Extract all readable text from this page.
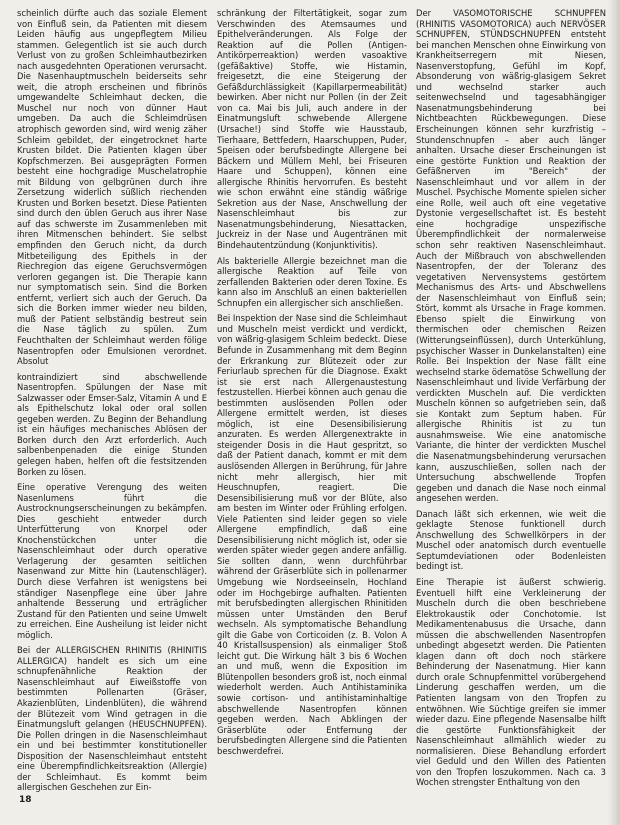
scheinlich dürfte auch das soziale Element von Einfluß sein, da Patienten mit diesem Leiden häufig aus ungepflegtem Milieu stammen. Gelegentlich ist sie auch durch Verlust von zu großen Schleimhautbezirken nach ausgedehnten Operationen verursacht. Die Nasenhauptmuscheln beiderseits sehr weit, die atroph erscheinen und fibrinös umgewandelte Schleimhaut decken, die Muschel nur noch von dünner Haut umgeben. Da auch die Schleimdrüsen atrophisch geworden sind, wird wenig zäher Schleim gebildet, der eingetrocknet harte Krusten bildet. Die Patienten klagen über Kopfschmerzen. Bei ausgeprägten Formen besteht eine hochgradige Muschelatrophie mit Bildung von gelbgrünen durch ihre Zersetzung widerlich süßlich riechenden Krusten und Borken besetzt. Diese Patienten sind durch den üblen Geruch aus ihrer Nase auf das schwerste im Zusammenleben mit ihren Mitmenschen behindert. Sie selbst empfinden den Geruch nicht, da durch Mitbeteiligung des Epithels in der Riechregion das eigene Geruchsvermögen verloren gegangen ist. Die Therapie kann nur symptomatisch sein. Sind die Borken entfernt, verliert sich auch der Geruch. Da sich die Borken immer wieder neu bilden, muß der Patient selbständig bestreut sein die Nase täglich zu spülen. Zum Feuchthalten der Schleimhaut werden fölige Nasentropfen oder Emulsionen verordnet. Absolut

kontraindiziert sind abschwellende Nasentropfen. Spülungen der Nase mit Salzwasser oder Emser-Salz, Vitamin A und E als Epithelschutz lokal oder oral sollen gegeben werden. Zu Beginn der Behandlung ist ein häufiges mechanisches Ablösen der Borken durch den Arzt erforderlich. Auch salbenbenpenaden die einige Stunden gelegen haben, helfen oft die festsitzenden Borken zu lösen.

Eine operative Verengung des weiten Nasenlumens führt die Austrocknungserscheinungen zu bekämpfen. Dies geschieht entweder durch Unterfütterung von Knorpel oder Knochenstückchen unter die Nasenschleimhaut oder durch operative Verlagerung der gesamten seitlichen Nasenwand zur Mitte hin (Lautenschläger). Durch diese Verfahren ist wenigstens bei ständiger Nasenpflege eine über Jahre anhaltende Besserung und erträglicher Zustand für den Patienten und seine Umwelt zu erreichen. Eine Ausheilung ist leider nicht möglich.

Bei der ALLERGISCHEN RHINITIS (RHINITIS ALLERGICA) handelt es sich um eine schnupfenähnliche Reaktion der Nasenschleimhaut auf Eiweißstoffe von bestimmten Pollenarten (Gräser, Akazienblüten, Lindenblüten), die während der Blütezeit vom Wind getragen in die Einatmungsluft gelangen (HEUSCHNUPFEN). Die Pollen dringen in die Nasenschleimhaut ein und bei bestimmter konstitutioneller Disposition der Nasenschleimhaut entsteht eine Überempfindlichkeitsreaktion (Allergie) der Schleimhaut. Es kommt beim allergischen Geschehen zur Ein-

schränkung der Filtertätigkeit, sogar zum Verschwinden des Atemsaumes und Epithelveränderungen. Als Folge der Reaktion auf die Pollen (Antigen-Antikörperreaktion) werden vasoaktive (gefäßaktive) Stoffe, wie Histamin, freigesetzt, die eine Steigerung der Gefäßdurchlässigkeit (Kapillarpermeabilität) bewirken. Aber nicht nur Pollen (in der Zeit von ca. Mai bis Juli, auch andere in der Einatmungsluft schwebende Allergene (Ursache!) sind Stoffe wie Hausstaub, Tierhaare, Bettfedern, Haarschuppen, Puder, Speisen oder berufsbedingte Allergene bei Bäckern und Müllern Mehl, bei Friseuren Haare und Schuppen), können eine allergische Rhinitis hervorrufen. Es besteht wie schon erwähnt eine ständig wäßrige Sekretion aus der Nase, Anschwellung der Nasenschleimhaut bis zur Nasenatmungsbehinderung, Niesattacken, Juckreiz in der Nase und Augentränen mit Bindehautentzündung (Konjunktivitis).

Als bakterielle Allergie bezeichnet man die allergische Reaktion auf Teile von zerfallenden Bakterien oder deren Toxine. Es kann also im Anschluß an einen bakteriellen Schnupfen ein allergischer sich anschließen.

Bei Inspektion der Nase sind die Schleimhaut und Muscheln meist verdickt und verdickt, von wäßrig-glasigem Schleim bedeckt. Diese Befunde in Zusammenhang mit dem Beginn der Erkrankung zur Blütezeit oder zur Feriurlaub sprechen für die Diagnose. Exakt ist sie erst nach Allergenaustestung festzustellen. Hierbei können auch genau die bestimmten auslösenden Pollen oder Allergene ermittelt werden, ist dieses möglich, ist eine Desensibilisierung anzuraten. Es werden Allergenextrakte in steigender Dosis in die Haut gespritzt, so daß der Patient danach, kommt er mit dem auslösenden Allergen in Berührung, für Jahre nicht mehr allergisch, hier mit Heuschnupfen, reagiert. Die Desensibilisierung muß vor der Blüte, also am besten im Winter oder Frühling erfolgen. Viele Patienten sind leider gegen so viele Allergene empfindlich, daß eine Desensibilisierung nicht möglich ist, oder sie werden später wieder gegen andere anfällig. Sie sollten dann, wenn durchführbar während der Gräserblüte sich in pollenarmer Umgebung wie Nordseeinseln, Hochland oder im Hochgebirge aufhalten. Patienten mit berufsbedingten allergischen Rhinitiden müssen unter Umständen den Beruf wechseln. Als symptomatische Behandlung gilt die Gabe von Corticoiden (z. B. Volon A 40 Kristallsuspension) als einmaliger Stoß leicht gut. Die Wirkung hält 3 bis 6 Wochen an und muß, wenn die Exposition im Blütenpollen besonders groß ist, noch einmal wiederholt werden. Auch Antihistaminika sowie cortison- und antihistaminhaltige abschwellende Nasentropfen können gegeben werden. Nach Abklingen der Gräserblüte oder Entfernung der berufsbedingten Allergene sind die Patienten beschwerdefrei.

Der VASOMOTORISCHE SCHNUPFEN (RHINITIS VASOMOTORICA) auch NERVÖSER SCHNUPFEN, STÜNDSCHNUPFEN entsteht bei manchen Menschen ohne Einwirkung von Krankheitserregern mit Niesen, Nasenverstopfung, Gefühl im Kopf, Absonderung von wäßrig-glasigem Sekret und wechselnd starker auch seitenwechselnd und tagesabhängiger Nasenatmungsbehinderung bei Nichtbeachten Rückbewegungen. Diese Erscheinungen können sehr kurzfristig – Stundenschnupfen – aber auch länger anhalten. Ursache dieser Erscheinungen ist eine gestörte Funktion und Reaktion der Gefäßnerven im "Bereich" der Nasenschleimhaut und vor allem in der Muschel. Psychische Momente spielen sicher eine Rolle, weil auch oft eine vegetative Dystonie vergesellschaftet ist. Es besteht eine hochgradige unspezifische Überempfindlichkeit der normalerweise schon sehr reaktiven Nasenschleimhaut. Auch der Mißbrauch von abschwellenden Nasentropfen, der der Toleranz des vegetativen Nervensystems gestörtem Mechanismus des Arts- und Abschwellens der Nasenschleimhaut von Einfluß sein; Stört, kommt als Ursache in Frage kommen. Ebenso spielt die Einwirkung von thermischen oder chemischen Reizen (Witterungseinflüssen), durch Unterkühlung, psychischer Wasser in Dunkelanstalten) eine Rolle. Bei Inspektion der Nase fällt eine wechselnd starke ödematöse Schwellung der Nasenschleimhaut und livide Verfärbung der verdickten Muscheln auf. Die verdickten Muscheln können so aufgetrieben sein, daß sie Kontakt zum Septum haben. Für allergische Rhinitis ist zu tun ausnahmsweise. Wie eine anatomische Variante, die hinter der verdickten Muschel die Nasenatmungsbehinderung verursachen kann, auszuschließen, sollen nach der Untersuchung abschwellende Tropfen gegeben und danach die Nase noch einmal angesehen werden.

Danach läßt sich erkennen, wie weit die geklagte Stenose funktionell durch Anschwellung des Schwellkörpers in der Muschel oder anatomisch durch eventuelle Septumdeviationen oder Bodenleisten bedingt ist.

Eine Therapie ist äußerst schwierig. Eventuell hilft eine Verkleinerung der Muscheln durch die oben beschriebene Elektrokaustik oder Conchotomie. Ist Medikamentenabusus die Ursache, dann müssen die abschwellenden Nasentropfen unbedingt abgesetzt werden. Die Patienten klagen dann oft doch noch stärkere Behinderung der Nasenatmung. Hier kann durch orale Schnupfenmittel vorübergehend Linderung geschaffen werden, um die Patienten langsam von den Tropfen zu entwöhnen. Wie Süchtige greifen sie immer wieder dazu. Eine pflegende Nasensalbe hilft die gestörte Funktionsfähigkeit der Nasenschleimhaut allmählich wieder zu normalisieren. Diese Behandlung erfordert viel Geduld und den Willen des Patienten von den Tropfen loszukommen. Nach ca. 3 Wochen strengster Enthaltung von den

18
